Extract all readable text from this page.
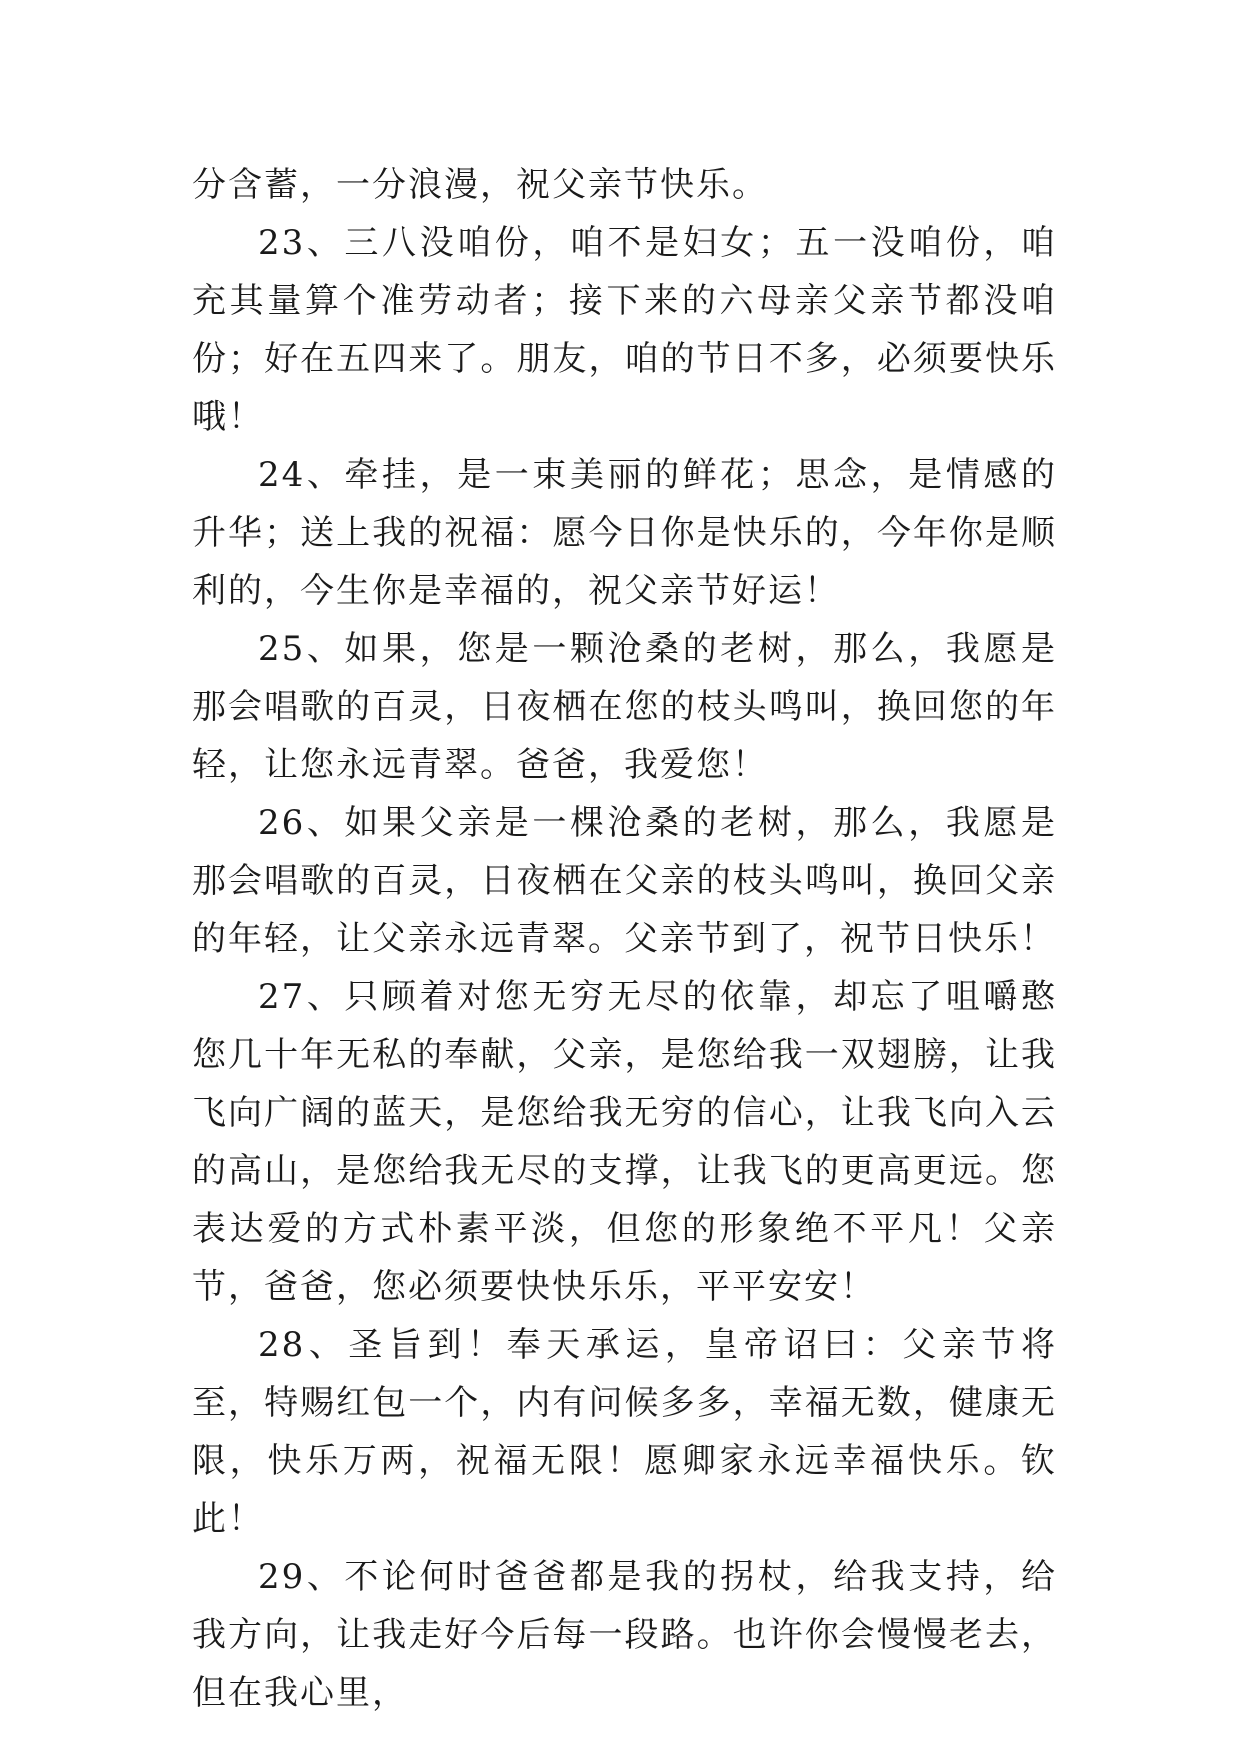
分含蓄，一分浪漫，祝父亲节快乐。

23、三八没咱份，咱不是妇女；五一没咱份，咱充其量算个准劳动者；接下来的六母亲父亲节都没咱份；好在五四来了。朋友，咱的节日不多，必须要快乐哦！

24、牵挂，是一束美丽的鲜花；思念，是情感的升华；送上我的祝福：愿今日你是快乐的，今年你是顺利的，今生你是幸福的，祝父亲节好运！

25、如果，您是一颗沧桑的老树，那么，我愿是那会唱歌的百灵，日夜栖在您的枝头鸣叫，换回您的年轻，让您永远青翠。爸爸，我爱您！

26、如果父亲是一棵沧桑的老树，那么，我愿是那会唱歌的百灵，日夜栖在父亲的枝头鸣叫，换回父亲的年轻，让父亲永远青翠。父亲节到了，祝节日快乐！

27、只顾着对您无穷无尽的依靠，却忘了咀嚼憨您几十年无私的奉献，父亲，是您给我一双翅膀，让我飞向广阔的蓝天，是您给我无穷的信心，让我飞向入云的高山，是您给我无尽的支撑，让我飞的更高更远。您表达爱的方式朴素平淡，但您的形象绝不平凡！父亲节，爸爸，您必须要快快乐乐，平平安安！

28、圣旨到！奉天承运，皇帝诏曰：父亲节将至，特赐红包一个，内有问候多多，幸福无数，健康无限，快乐万两，祝福无限！愿卿家永远幸福快乐。钦此！

29、不论何时爸爸都是我的拐杖，给我支持，给我方向，让我走好今后每一段路。也许你会慢慢老去，但在我心里，
